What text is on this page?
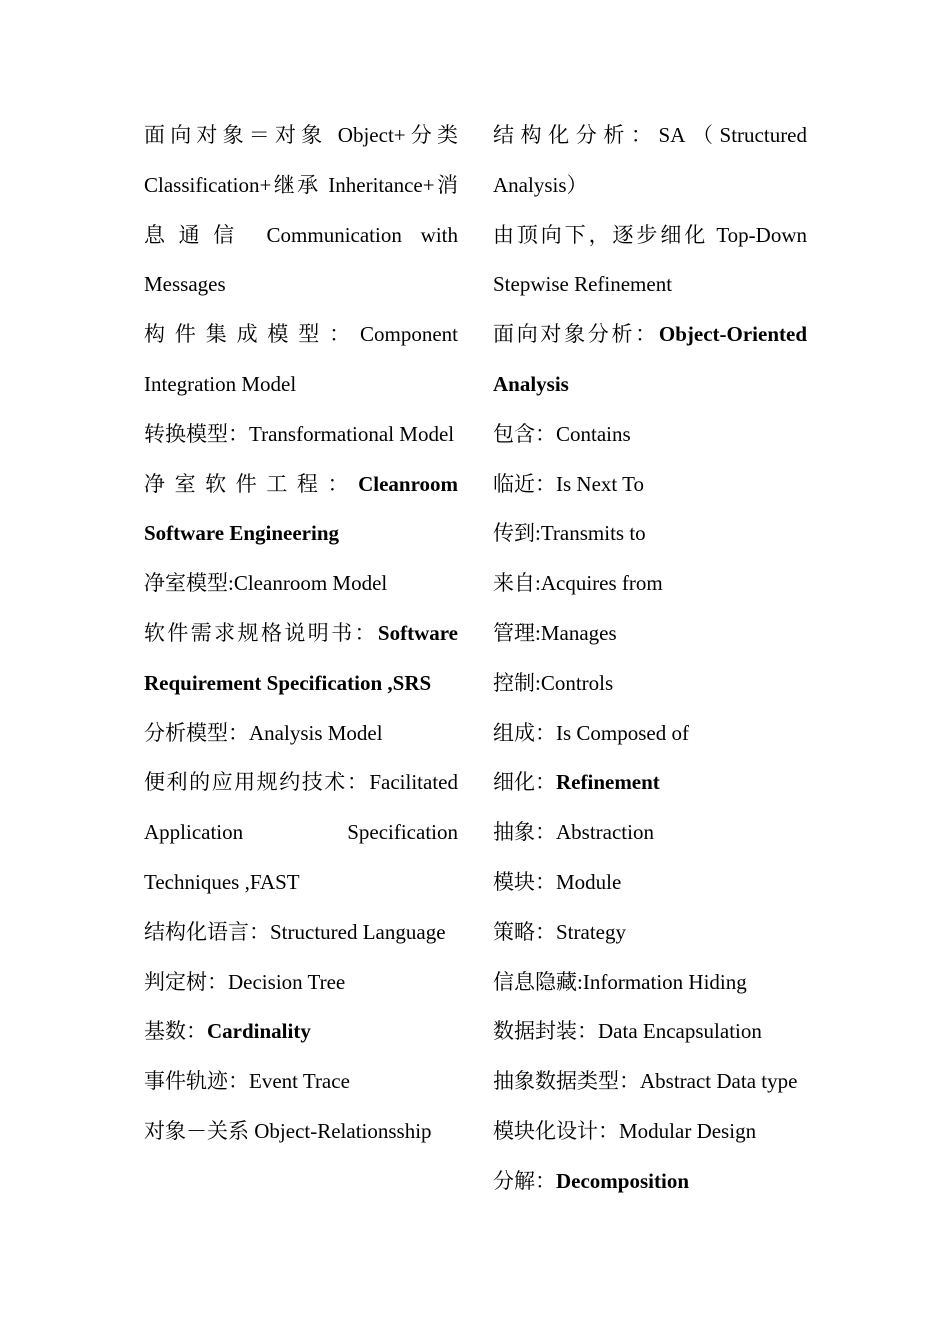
面向对象＝对象 Object+分类Classification+继承 Inheritance+消息通信 Communication with Messages

构件集成模型：Component Integration Model

转换模型：Transformational Model

净室软件工程：Cleanroom Software Engineering

净室模型:Cleanroom Model

软件需求规格说明书：Software Requirement Specification ,SRS

分析模型：Analysis Model

便利的应用规约技术：Facilitated Application Specification Techniques ,FAST

结构化语言：Structured Language

判定树：Decision Tree

基数：Cardinality

事件轨迹：Event Trace

对象－关系 Object-Relationsship

结构化分析：SA（Structured Analysis）

由顶向下，逐步细化 Top-Down Stepwise Refinement

面向对象分析：Object-Oriented Analysis

包含：Contains

临近：Is Next To

传到:Transmits to

来自:Acquires from

管理:Manages

控制:Controls

组成：Is Composed of

细化：Refinement

抽象：Abstraction

模块：Module

策略：Strategy

信息隐藏:Information Hiding

数据封装：Data Encapsulation

抽象数据类型：Abstract Data type

模块化设计：Modular Design

分解：Decomposition
